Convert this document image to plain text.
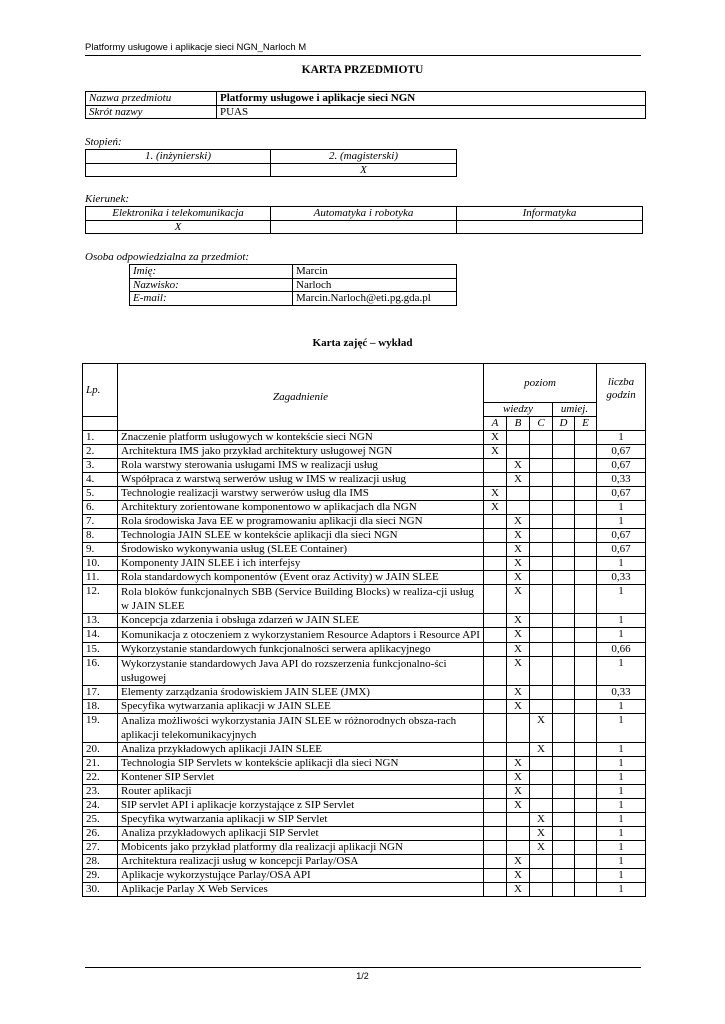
Platformy usługowe i aplikacje sieci NGN_Narloch M
KARTA PRZEDMIOTU
Nazwa przedmiotu	Platformy usługowe i aplikacje sieci NGN
Skrót nazwy	PUAS
Stopień:
1. (inżynierski)	2. (magisterski)
	X
Kierunek:
Elektronika i telekomunikacja	Automatyka i robotyka	Informatyka
X		
Osoba odpowiedzialna za przedmiot:
Imię:	Marcin
Nazwisko:	Narloch
E-mail:	Marcin.Narloch@eti.pg.gda.pl
Karta zajęć – wykład
Lp.	Zagadnienie	poziom					liczba godzin
		wiedzy			umiej.		
		A	B	C	D	E	
1.	Znaczenie platform usługowych w kontekście sieci NGN	X					1
2.	Architektura IMS jako przykład architektury usługowej NGN	X					0,67
3.	Rola warstwy sterowania usługami IMS w realizacji usług		X				0,67
4.	Współpraca z warstwą serwerów usług w IMS w realizacji usług		X				0,33
5.	Technologie realizacji warstwy serwerów usług dla IMS	X					0,67
6.	Architektury zorientowane komponentowo w aplikacjach dla NGN	X					1
7.	Rola środowiska Java EE w programowaniu aplikacji dla sieci NGN		X				1
8.	Technologia JAIN SLEE w kontekście aplikacji dla sieci NGN		X				0,67
9.	Środowisko wykonywania usług (SLEE Container)		X				0,67
10.	Komponenty JAIN SLEE i ich interfejsy		X				1
11.	Rola standardowych komponentów (Event oraz Activity) w JAIN SLEE		X				0,33
12.	Rola bloków funkcjonalnych SBB (Service Building Blocks) w realiza-cji usług w JAIN SLEE		X				1
13.	Koncepcja zdarzenia i obsługa zdarzeń w JAIN SLEE		X				1
14.	Komunikacja z otoczeniem z wykorzystaniem Resource Adaptors i Resource API		X				1
15.	Wykorzystanie standardowych funkcjonalności serwera aplikacyjnego		X				0,66
16.	Wykorzystanie standardowych Java API do rozszerzenia funkcjonalno-ści usługowej		X				1
17.	Elementy zarządzania środowiskiem JAIN SLEE (JMX)		X				0,33
18.	Specyfika wytwarzania aplikacji w JAIN SLEE		X				1
19.	Analiza możliwości wykorzystania JAIN SLEE w różnorodnych obsza-rach aplikacji telekomunikacyjnych			X			1
20.	Analiza przykładowych aplikacji JAIN SLEE			X			1
21.	Technologia SIP Servlets w kontekście aplikacji dla sieci NGN		X				1
22.	Kontener SIP Servlet		X				1
23.	Router aplikacji		X				1
24.	SIP servlet API i aplikacje korzystające z SIP Servlet		X				1
25.	Specyfika wytwarzania aplikacji w SIP Servlet			X			1
26.	Analiza przykładowych aplikacji SIP Servlet			X			1
27.	Mobicents jako przykład platformy dla realizacji aplikacji NGN			X			1
28.	Architektura realizacji usług w koncepcji Parlay/OSA		X				1
29.	Aplikacje wykorzystujące Parlay/OSA API		X				1
30.	Aplikacje Parlay X Web Services		X				1
1/2
